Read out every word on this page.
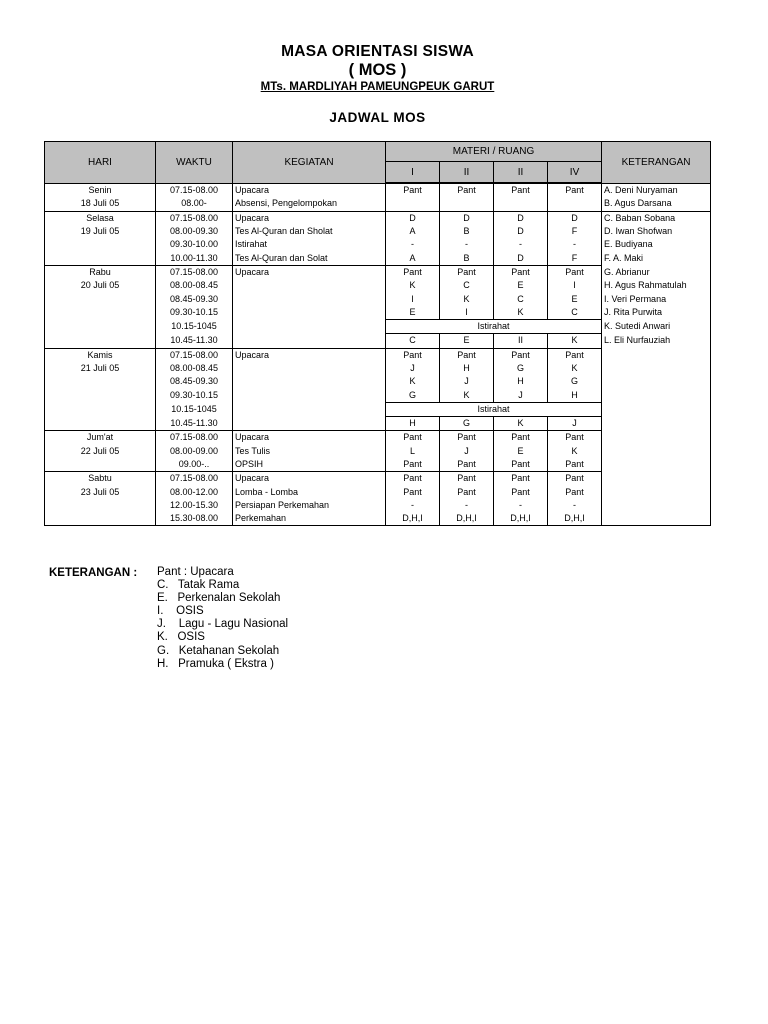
MASA ORIENTASI SISWA
( MOS )
MTs. MARDLIYAH PAMEUNGPEUK GARUT
JADWAL MOS
HARI	WAKTU	KEGIATAN	MATERI / RUANG				KETERANGAN
			I	II	II	IV	
Senin	07.15-08.00	Upacara	Pant	Pant	Pant	Pant	A. Deni Nuryaman
18 Juli 05	08.00-	Absensi, Pengelompokan					B. Agus Darsana
Selasa	07.15-08.00	Upacara	D	D	D	D	C. Baban Sobana
19 Juli 05	08.00-09.30	Tes Al-Quran dan Sholat	A	B	D	F	D. Iwan Shofwan
	09.30-10.00	Istirahat	-	-	-	-	E. Budiyana
	10.00-11.30	Tes Al-Quran dan Solat	A	B	D	F	F. A. Maki
Rabu	07.15-08.00	Upacara	Pant	Pant	Pant	Pant	G. Abrianur
20 Juli 05	08.00-08.45		K	C	E	I	H. Agus Rahmatulah
	08.45-09.30		I	K	C	E	I. Veri Permana
	09.30-10.15		E	I	K	C	J. Rita Purwita
	10.15-1045		Istirahat				K. Sutedi Anwari
	10.45-11.30		C	E	II	K	L. Eli Nurfauziah
Kamis	07.15-08.00	Upacara	Pant	Pant	Pant	Pant	
21 Juli 05	08.00-08.45		J	H	G	K	
	08.45-09.30		K	J	H	G	
	09.30-10.15		G	K	J	H	
	10.15-1045		Istirahat				
	10.45-11.30		H	G	K	J	
Jum'at	07.15-08.00	Upacara	Pant	Pant	Pant	Pant	
22 Juli 05	08.00-09.00	Tes Tulis	L	J	E	K	
	09.00-..	OPSIH	Pant	Pant	Pant	Pant	
Sabtu	07.15-08.00	Upacara	Pant	Pant	Pant	Pant	
23 Juli 05	08.00-12.00	Lomba - Lomba	Pant	Pant	Pant	Pant	
	12.00-15.30	Persiapan Perkemahan	-	-	-	-	
	15.30-08.00	Perkemahan	D,H,I	D,H,I	D,H,I	D,H,I	
KETERANGAN : Pant : Upacara
C.   Tatak Rama
E.   Perkenalan Sekolah
I.    OSIS
J.    Lagu - Lagu Nasional
K.   OSIS
G.   Ketahanan Sekolah
H.   Pramuka ( Ekstra )
